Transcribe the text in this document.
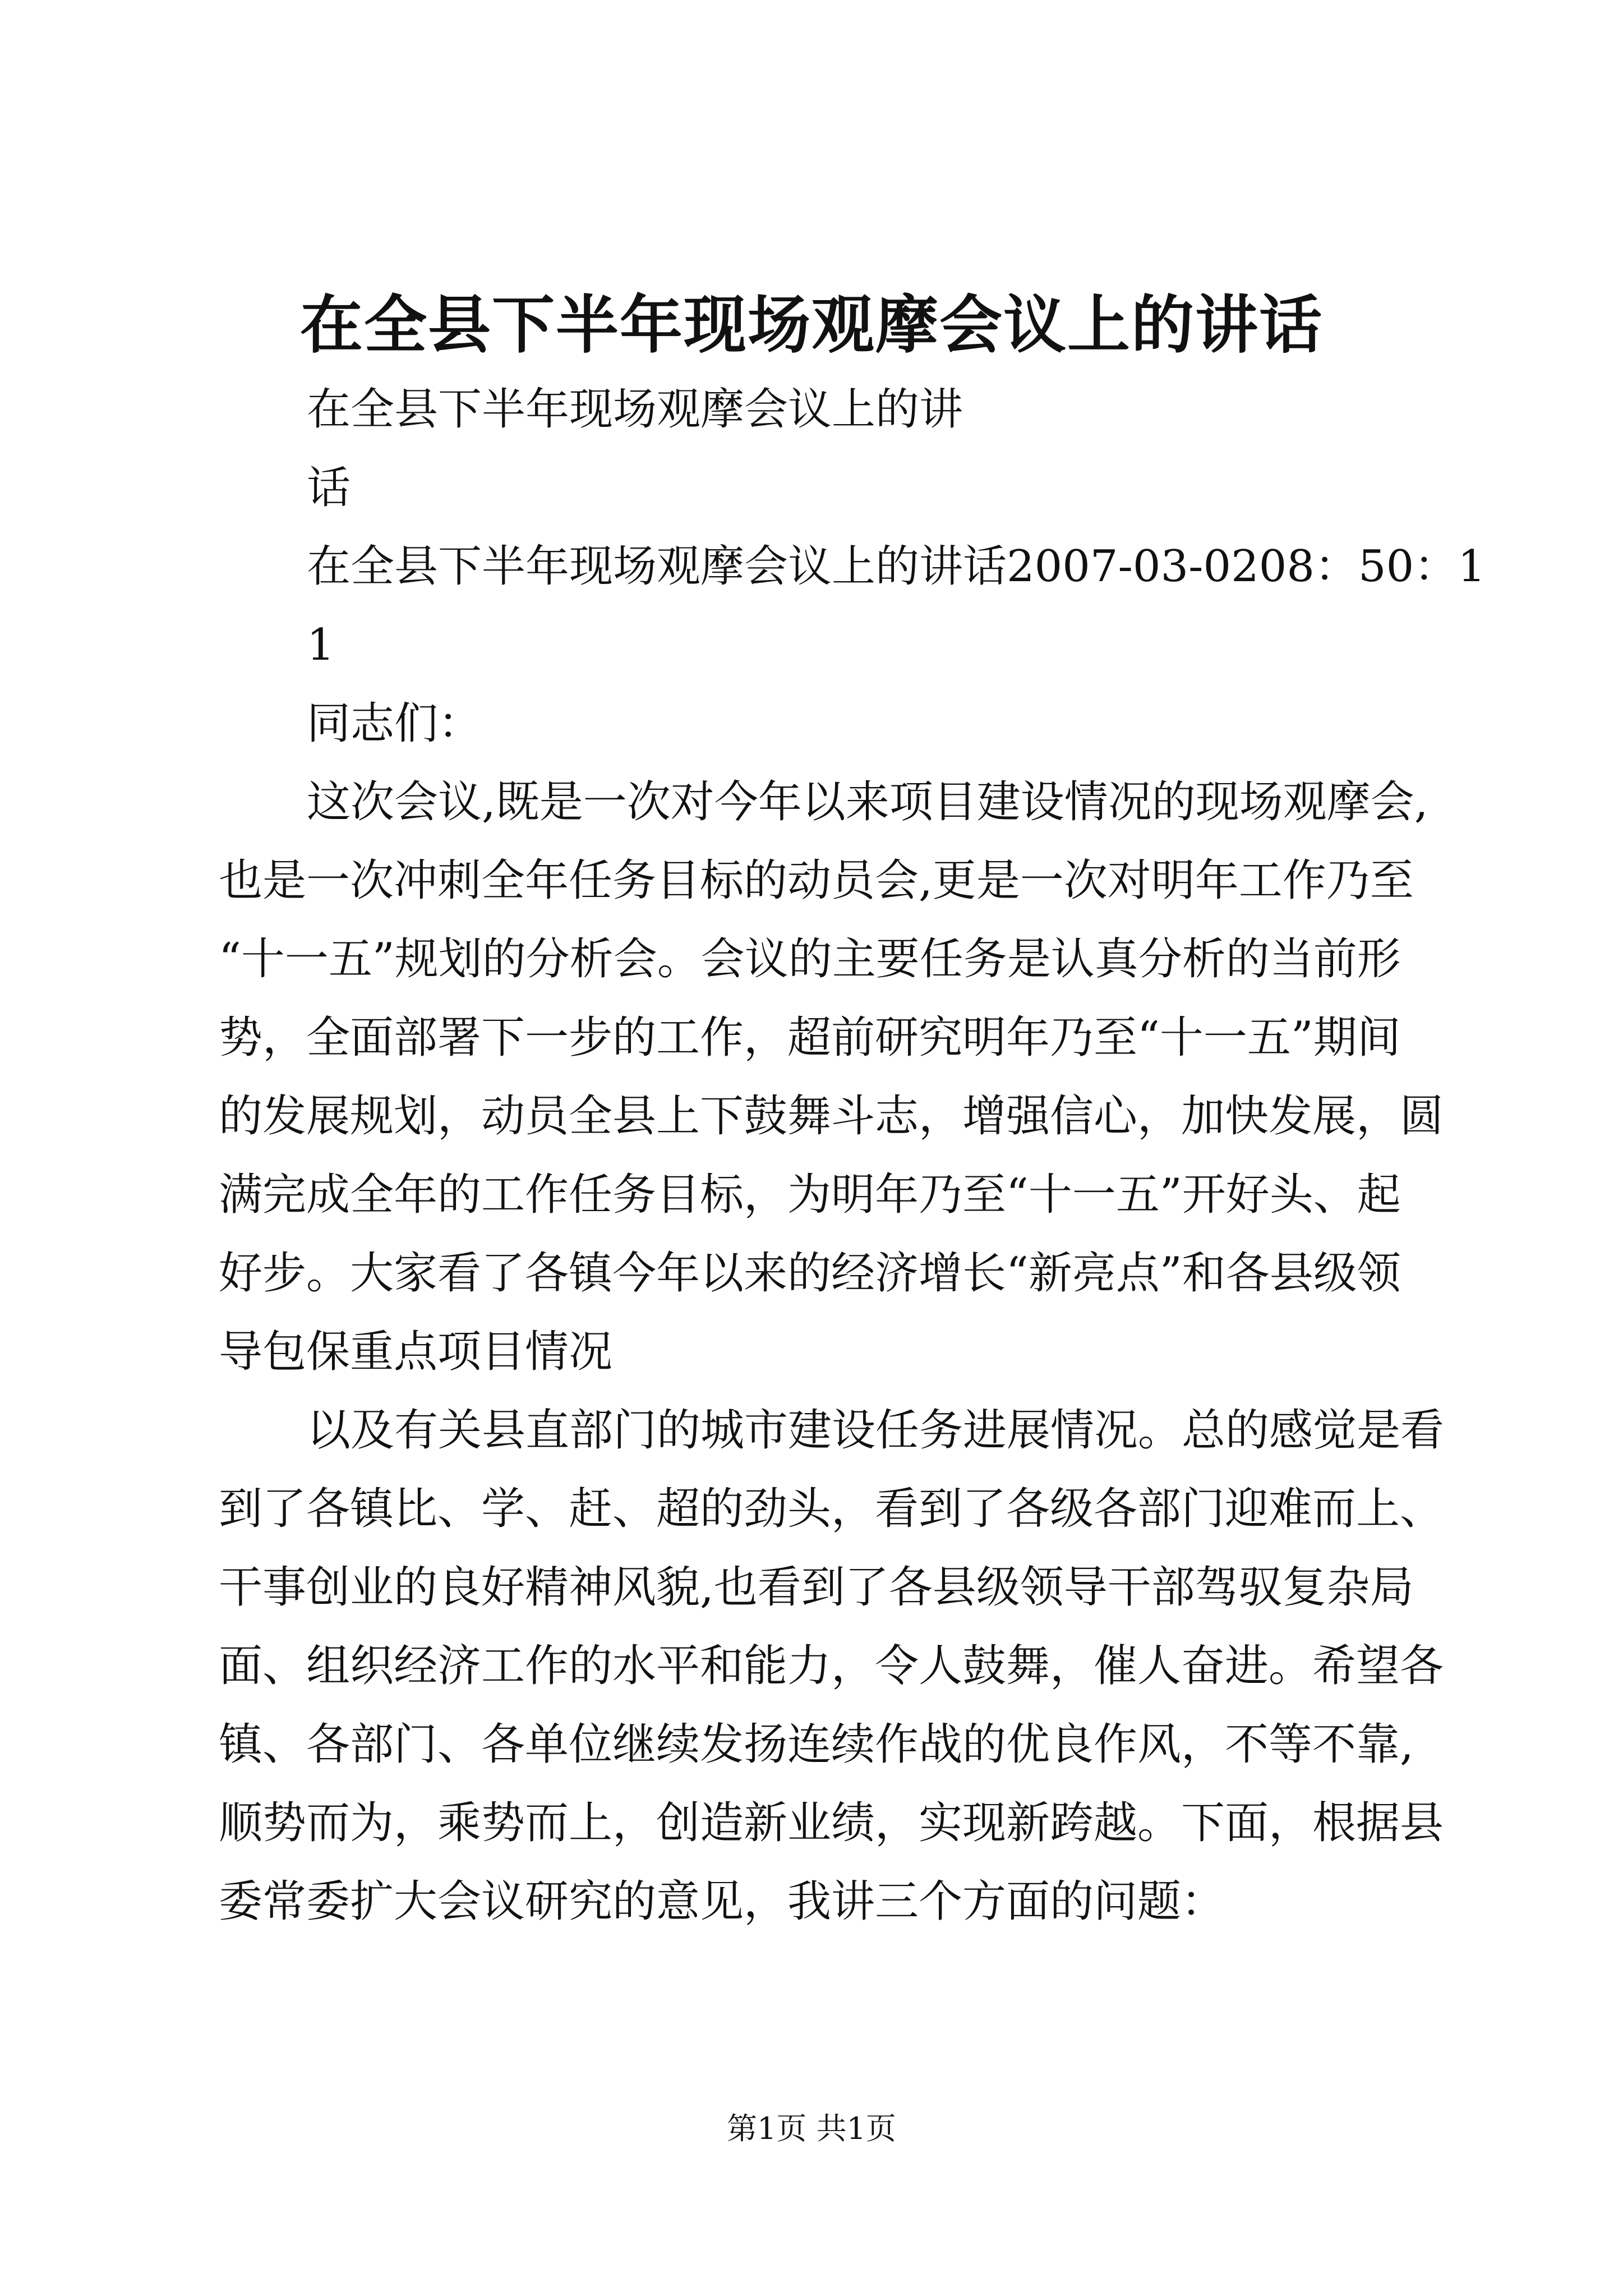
在全县下半年现场观摩会议上的讲话
在全县下半年现场观摩会议上的讲
话
在全县下半年现场观摩会议上的讲话2007-03-0208：50：1
1
同志们：
这次会议,既是一次对今年以来项目建设情况的现场观摩会,
也是一次冲刺全年任务目标的动员会,更是一次对明年工作乃至
“十一五”规划的分析会。会议的主要任务是认真分析的当前形
势，全面部署下一步的工作，超前研究明年乃至“十一五”期间
的发展规划，动员全县上下鼓舞斗志，增强信心，加快发展，圆
满完成全年的工作任务目标，为明年乃至“十一五”开好头、起
好步。大家看了各镇今年以来的经济增长“新亮点”和各县级领
导包保重点项目情况
以及有关县直部门的城市建设任务进展情况。总的感觉是看
到了各镇比、学、赶、超的劲头，看到了各级各部门迎难而上、
干事创业的良好精神风貌,也看到了各县级领导干部驾驭复杂局
面、组织经济工作的水平和能力，令人鼓舞，催人奋进。希望各
镇、各部门、各单位继续发扬连续作战的优良作风，不等不靠,
顺势而为，乘势而上，创造新业绩，实现新跨越。下面，根据县
委常委扩大会议研究的意见，我讲三个方面的问题：
第1页 共1页
